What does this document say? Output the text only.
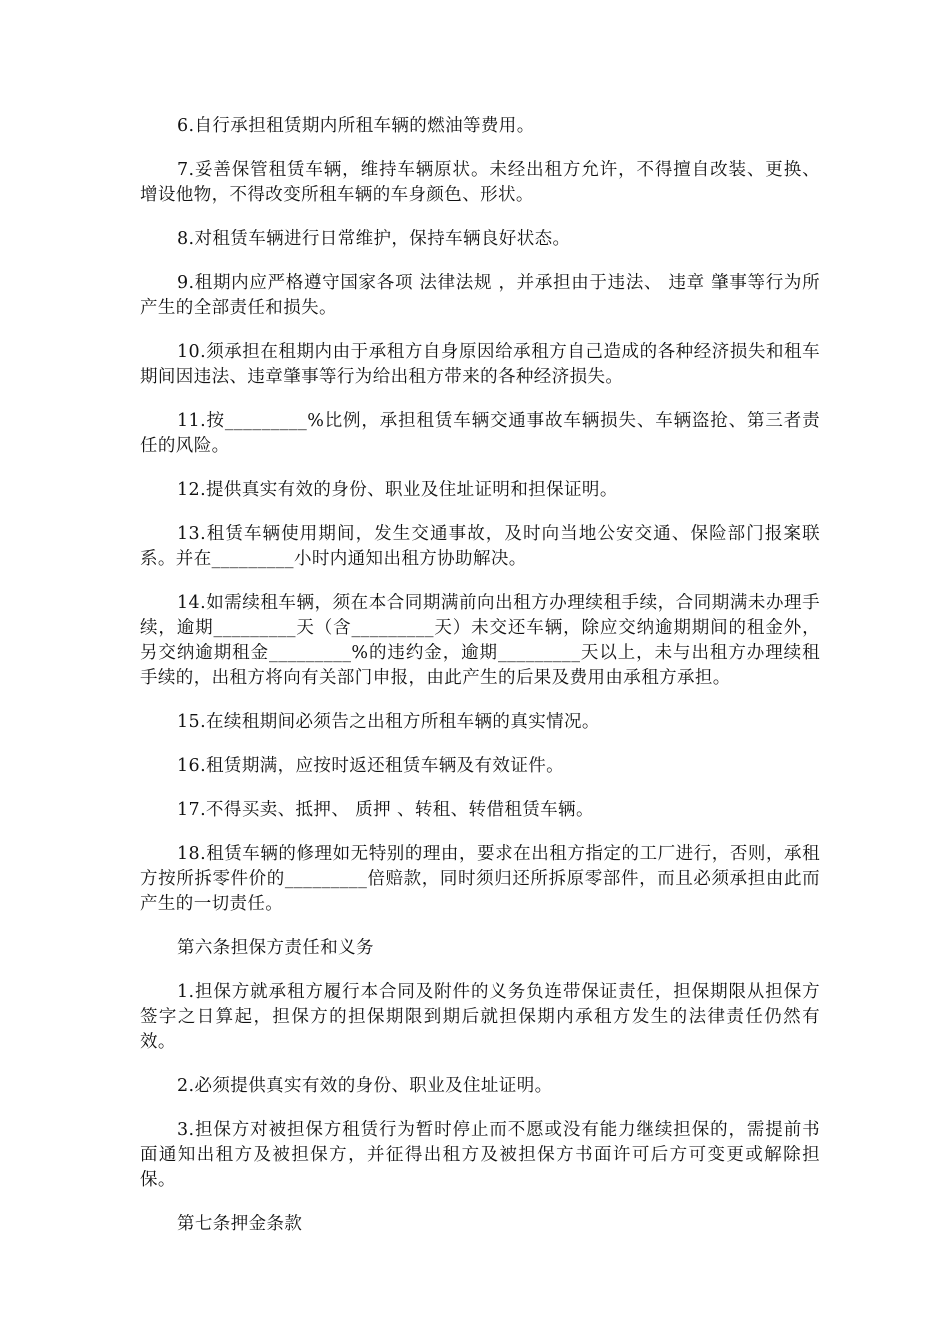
6.自行承担租赁期内所租车辆的燃油等费用。

7.妥善保管租赁车辆，维持车辆原状。未经出租方允许，不得擅自改装、更换、增设他物，不得改变所租车辆的车身颜色、形状。

8.对租赁车辆进行日常维护，保持车辆良好状态。

9.租期内应严格遵守国家各项 法律法规 ，并承担由于违法、 违章 肇事等行为所产生的全部责任和损失。

10.须承担在租期内由于承租方自身原因给承租方自己造成的各种经济损失和租车期间因违法、违章肇事等行为给出租方带来的各种经济损失。

11.按_________%比例，承担租赁车辆交通事故车辆损失、车辆盗抢、第三者责任的风险。

12.提供真实有效的身份、职业及住址证明和担保证明。

13.租赁车辆使用期间，发生交通事故，及时向当地公安交通、保险部门报案联系。并在_________小时内通知出租方协助解决。

14.如需续租车辆，须在本合同期满前向出租方办理续租手续，合同期满未办理手续，逾期_________天（含_________天）未交还车辆，除应交纳逾期期间的租金外，另交纳逾期租金_________%的违约金，逾期_________天以上，未与出租方办理续租手续的，出租方将向有关部门申报，由此产生的后果及费用由承租方承担。

15.在续租期间必须告之出租方所租车辆的真实情况。

16.租赁期满，应按时返还租赁车辆及有效证件。

17.不得买卖、抵押、 质押 、转租、转借租赁车辆。

18.租赁车辆的修理如无特别的理由，要求在出租方指定的工厂进行，否则，承租方按所拆零件价的_________倍赔款，同时须归还所拆原零部件，而且必须承担由此而产生的一切责任。

第六条担保方责任和义务

1.担保方就承租方履行本合同及附件的义务负连带保证责任，担保期限从担保方签字之日算起，担保方的担保期限到期后就担保期内承租方发生的法律责任仍然有效。

2.必须提供真实有效的身份、职业及住址证明。

3.担保方对被担保方租赁行为暂时停止而不愿或没有能力继续担保的，需提前书面通知出租方及被担保方，并征得出租方及被担保方书面许可后方可变更或解除担保。

第七条押金条款
